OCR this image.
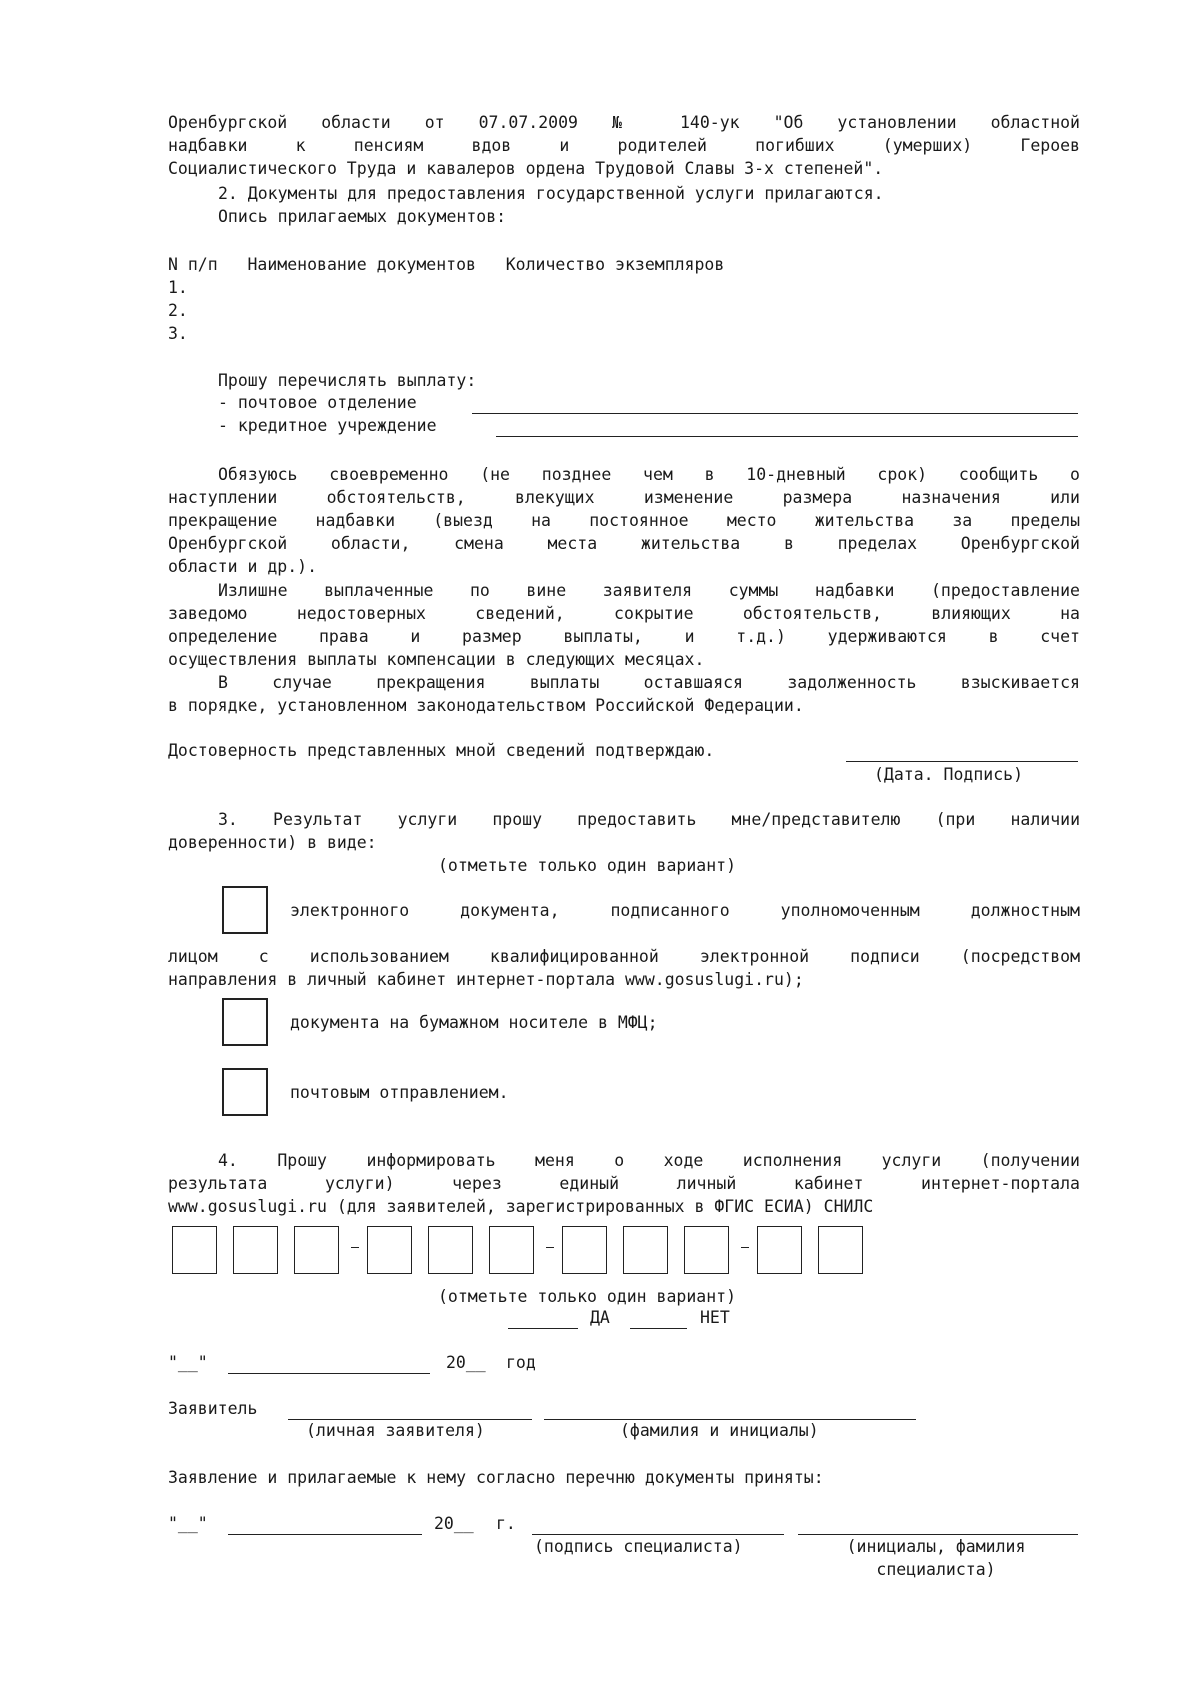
Оренбургской области от 07.07.2009 № 140-ук "Об установлении областной
надбавки к пенсиям вдов и родителей погибших (умерших) Героев
Социалистического Труда и кавалеров ордена Трудовой Славы 3-х степеней".
2. Документы для предоставления государственной услуги прилагаются.
Опись прилагаемых документов:
N п/п   Наименование документов   Количество экземпляров
1.
2.
3.
Прошу перечислять выплату:
- почтовое отделение
- кредитное учреждение
Обязуюсь своевременно (не позднее чем в 10-дневный срок) сообщить о
наступлении обстоятельств, влекущих изменение размера назначения или
прекращение надбавки (выезд на постоянное место жительства за пределы
Оренбургской области, смена места жительства в пределах Оренбургской
области и др.).
Излишне выплаченные по вине заявителя суммы надбавки (предоставление
заведомо недостоверных сведений, сокрытие обстоятельств, влияющих на
определение права и размер выплаты, и т.д.) удерживаются в счет
осуществления выплаты компенсации в следующих месяцах.
В случае прекращения выплаты оставшаяся задолженность взыскивается
в порядке, установленном законодательством Российской Федерации.
Достоверность представленных мной сведений подтверждаю.
(Дата. Подпись)
3. Результат услуги прошу предоставить мне/представителю (при наличии
доверенности) в виде:
(отметьте только один вариант)
электронного документа, подписанного уполномоченным должностным
лицом с использованием квалифицированной электронной подписи (посредством
направления в личный кабинет интернет-портала www.gosuslugi.ru);
документа на бумажном носителе в МФЦ;
почтовым отправлением.
4. Прошу информировать меня о ходе исполнения услуги (получении
результата услуги) через единый личный кабинет интернет-портала
www.gosuslugi.ru (для заявителей, зарегистрированных в ФГИС ЕСИА) СНИЛС
(отметьте только один вариант)
ДА	НЕТ
"__"	20__ год
Заявитель
(личная заявителя)	(фамилия и инициалы)
Заявление и прилагаемые к нему согласно перечню документы приняты:
"__"	20__ г.
(подпись специалиста)	(инициалы, фамилия
специалиста)
